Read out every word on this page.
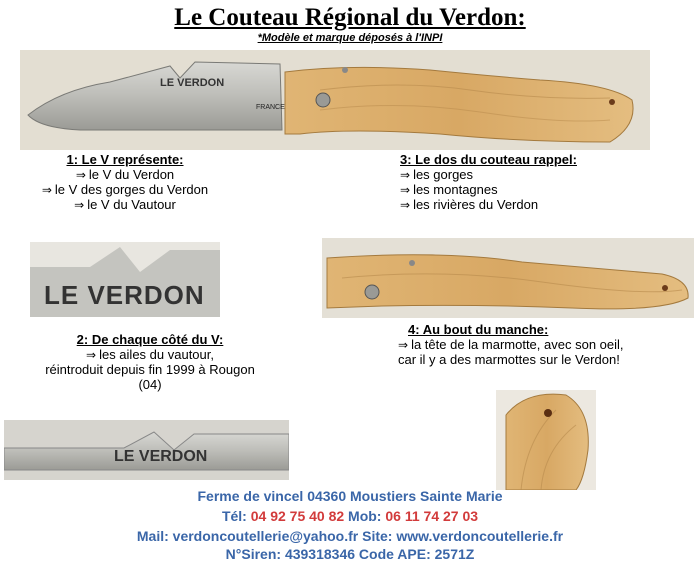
Le Couteau Régional du Verdon:
*Modèle et marque déposés à l'INPI
LE VERDON
FRANCE
1: Le V représente:
⇒ le V du Verdon
⇒ le V des gorges du Verdon
⇒ le V du Vautour
3: Le dos du couteau rappel:
⇒ les gorges
⇒ les montagnes
⇒ les rivières du Verdon
LE VERDON
2: De chaque côté du V:
⇒ les ailes du vautour,
réintroduit depuis fin 1999 à Rougon
(04)
4: Au bout du manche:
⇒ la tête de la marmotte, avec son oeil,
car il y a des marmottes sur le Verdon!
LE VERDON
Ferme de vincel 04360 Moustiers Sainte Marie
Tél: 04 92 75 40 82 Mob: 06 11 74 27 03
Mail: verdoncoutellerie@yahoo.fr Site: www.verdoncoutellerie.fr
N°Siren: 439318346 Code APE: 2571Z
